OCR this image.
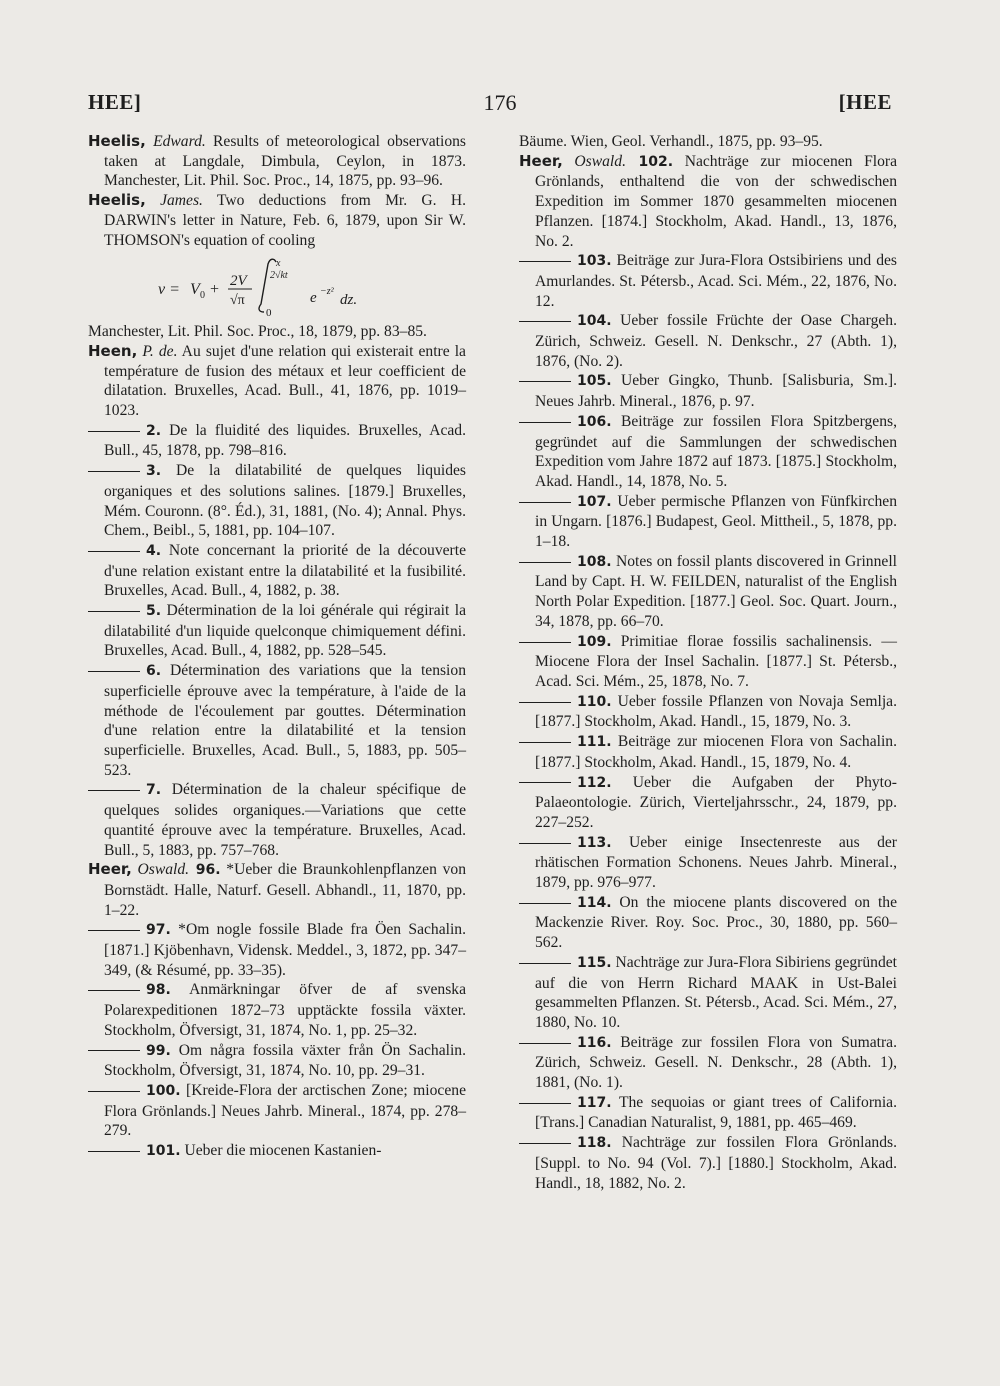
HEE]	176	[HEE

Heelis, Edward. Results of meteorological observations taken at Langdale, Dimbula, Ceylon, in 1873. Manchester, Lit. Phil. Soc. Proc., 14, 1875, pp. 93–96.

Heelis, James. Two deductions from Mr. G. H. DARWIN's letter in Nature, Feb. 6, 1879, upon Sir W. THOMSON's equation of cooling

v = V 0 + 2V
√π
x
2√kt
0
e −z²
dz.

Manchester, Lit. Phil. Soc. Proc., 18, 1879, pp. 83–85.

Heen, P. de. Au sujet d'une relation qui existerait entre la température de fusion des métaux et leur coefficient de dilatation. Bruxelles, Acad. Bull., 41, 1876, pp. 1019–1023.

2. De la fluidité des liquides. Bruxelles, Acad. Bull., 45, 1878, pp. 798–816.

3. De la dilatabilité de quelques liquides organiques et des solutions salines. [1879.] Bruxelles, Mém. Couronn. (8°. Éd.), 31, 1881, (No. 4); Annal. Phys. Chem., Beibl., 5, 1881, pp. 104–107.

4. Note concernant la priorité de la découverte d'une relation existant entre la dilatabilité et la fusibilité. Bruxelles, Acad. Bull., 4, 1882, p. 38.

5. Détermination de la loi générale qui régirait la dilatabilité d'un liquide quelconque chimiquement défini. Bruxelles, Acad. Bull., 4, 1882, pp. 528–545.

6. Détermination des variations que la tension superficielle éprouve avec la température, à l'aide de la méthode de l'écoulement par gouttes. Détermination d'une relation entre la dilatabilité et la tension superficielle. Bruxelles, Acad. Bull., 5, 1883, pp. 505–523.

7. Détermination de la chaleur spécifique de quelques solides organiques.—Variations que cette quantité éprouve avec la température. Bruxelles, Acad. Bull., 5, 1883, pp. 757–768.

Heer, Oswald. 96. *Ueber die Braunkohlenpflanzen von Bornstädt. Halle, Naturf. Gesell. Abhandl., 11, 1870, pp. 1–22.

97. *Om nogle fossile Blade fra Öen Sachalin. [1871.] Kjöbenhavn, Vidensk. Meddel., 3, 1872, pp. 347–349, (& Résumé, pp. 33–35).

98. Anmärkningar öfver de af svenska Polarexpeditionen 1872–73 upptäckte fossila växter. Stockholm, Öfversigt, 31, 1874, No. 1, pp. 25–32.

99. Om några fossila växter från Ön Sachalin. Stockholm, Öfversigt, 31, 1874, No. 10, pp. 29–31.

100. [Kreide-Flora der arctischen Zone; miocene Flora Grönlands.] Neues Jahrb. Mineral., 1874, pp. 278–279.

101. Ueber die miocenen Kastanien-

Bäume. Wien, Geol. Verhandl., 1875, pp. 93–95.

Heer, Oswald. 102. Nachträge zur miocenen Flora Grönlands, enthaltend die von der schwedischen Expedition im Sommer 1870 gesammelten miocenen Pflanzen. [1874.] Stockholm, Akad. Handl., 13, 1876, No. 2.

103. Beiträge zur Jura-Flora Ostsibiriens und des Amurlandes. St. Pétersb., Acad. Sci. Mém., 22, 1876, No. 12.

104. Ueber fossile Früchte der Oase Chargeh. Zürich, Schweiz. Gesell. N. Denkschr., 27 (Abth. 1), 1876, (No. 2).

105. Ueber Gingko, Thunb. [Salisburia, Sm.]. Neues Jahrb. Mineral., 1876, p. 97.

106. Beiträge zur fossilen Flora Spitzbergens, gegründet auf die Sammlungen der schwedischen Expedition vom Jahre 1872 auf 1873. [1875.] Stockholm, Akad. Handl., 14, 1878, No. 5.

107. Ueber permische Pflanzen von Fünfkirchen in Ungarn. [1876.] Budapest, Geol. Mittheil., 5, 1878, pp. 1–18.

108. Notes on fossil plants discovered in Grinnell Land by Capt. H. W. FEILDEN, naturalist of the English North Polar Expedition. [1877.] Geol. Soc. Quart. Journ., 34, 1878, pp. 66–70.

109. Primitiae florae fossilis sachalinensis. —Miocene Flora der Insel Sachalin. [1877.] St. Pétersb., Acad. Sci. Mém., 25, 1878, No. 7.

110. Ueber fossile Pflanzen von Novaja Semlja. [1877.] Stockholm, Akad. Handl., 15, 1879, No. 3.

111. Beiträge zur miocenen Flora von Sachalin. [1877.] Stockholm, Akad. Handl., 15, 1879, No. 4.

112. Ueber die Aufgaben der Phyto-Palaeontologie. Zürich, Vierteljahrsschr., 24, 1879, pp. 227–252.

113. Ueber einige Insectenreste aus der rhätischen Formation Schonens. Neues Jahrb. Mineral., 1879, pp. 976–977.

114. On the miocene plants discovered on the Mackenzie River. Roy. Soc. Proc., 30, 1880, pp. 560–562.

115. Nachträge zur Jura-Flora Sibiriens gegründet auf die von Herrn Richard MAAK in Ust-Balei gesammelten Pflanzen. St. Pétersb., Acad. Sci. Mém., 27, 1880, No. 10.

116. Beiträge zur fossilen Flora von Sumatra. Zürich, Schweiz. Gesell. N. Denkschr., 28 (Abth. 1), 1881, (No. 1).

117. The sequoias or giant trees of California. [Trans.] Canadian Naturalist, 9, 1881, pp. 465–469.

118. Nachträge zur fossilen Flora Grönlands. [Suppl. to No. 94 (Vol. 7).] [1880.] Stockholm, Akad. Handl., 18, 1882, No. 2.
